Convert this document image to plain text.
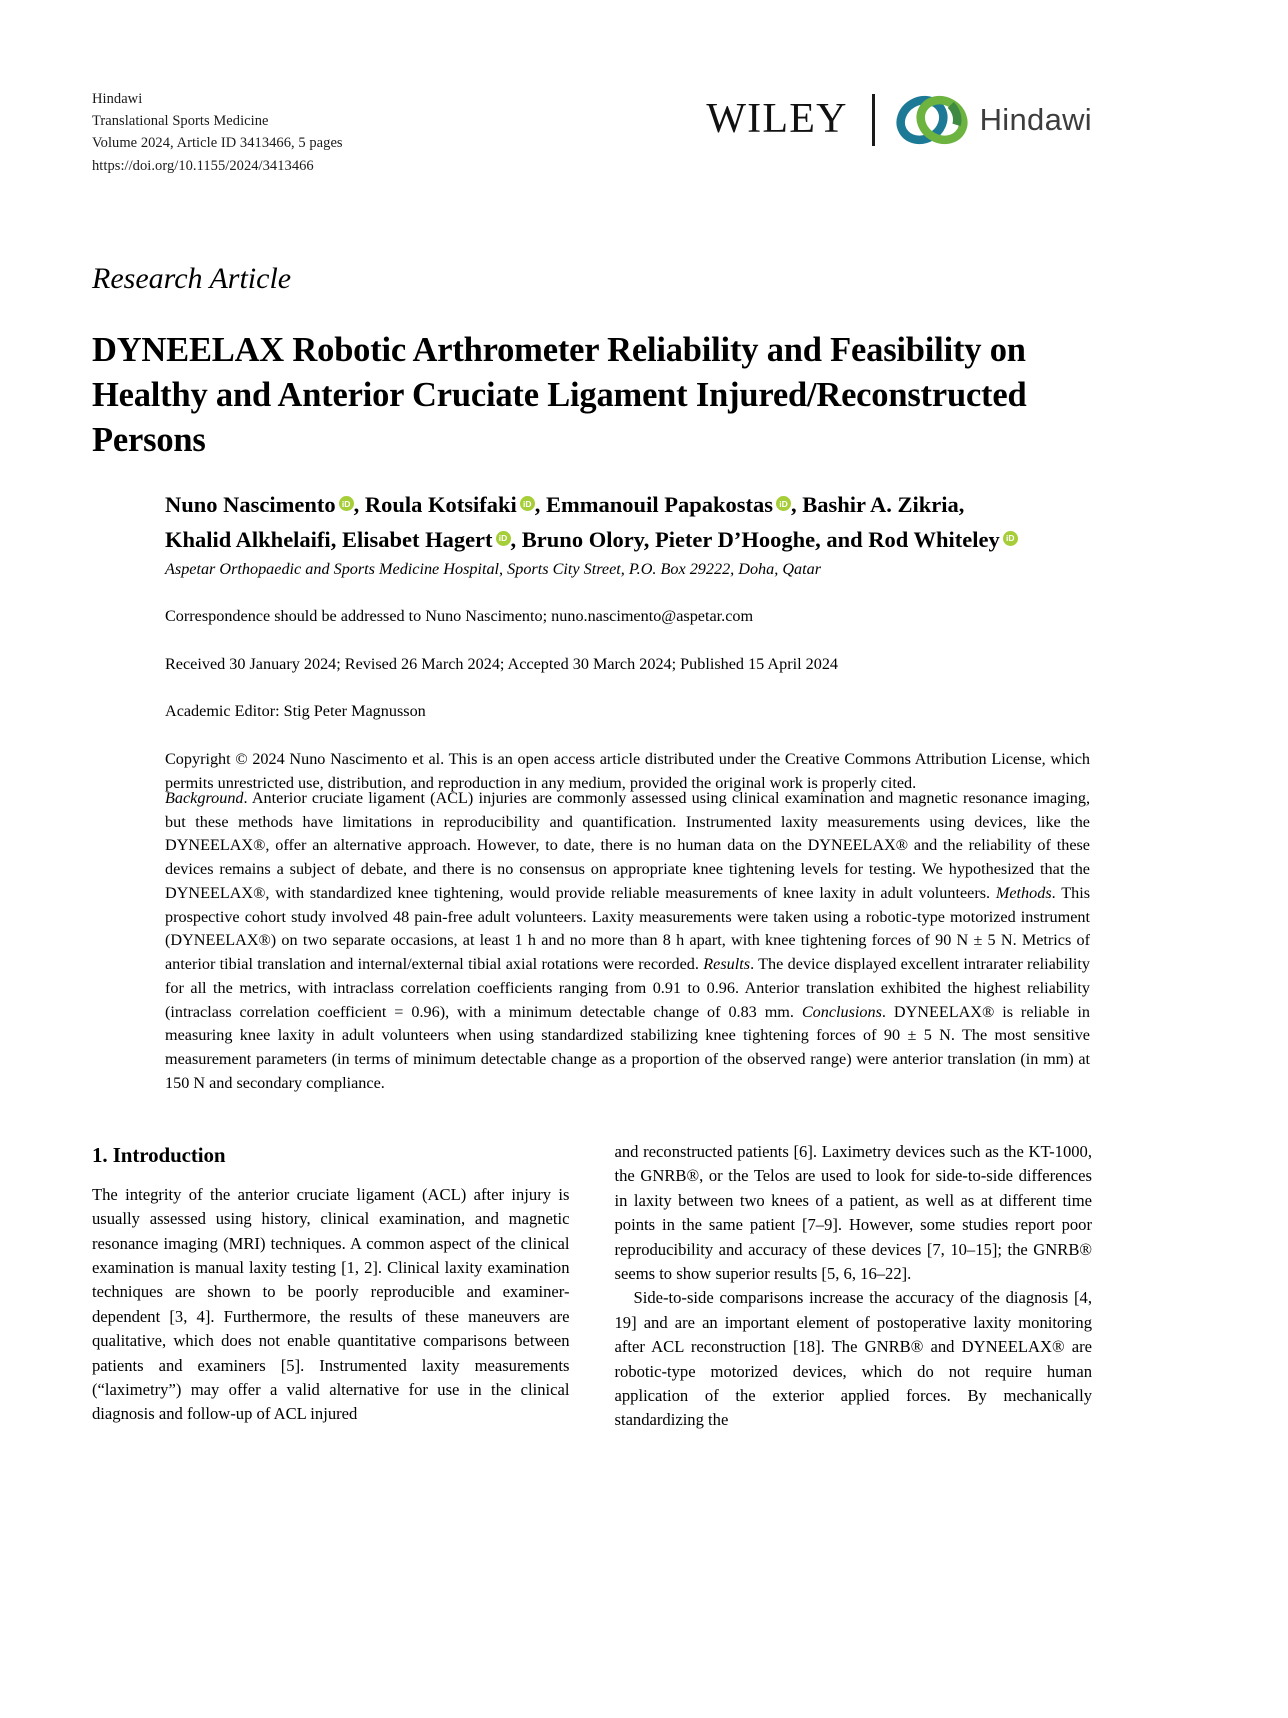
Hindawi
Translational Sports Medicine
Volume 2024, Article ID 3413466, 5 pages
https://doi.org/10.1155/2024/3413466
WILEY	Hindawi
Research Article
DYNEELAX Robotic Arthrometer Reliability and Feasibility on Healthy and Anterior Cruciate Ligament Injured/Reconstructed Persons
Nuno Nascimento iD , Roula Kotsifaki iD , Emmanouil Papakostas iD , Bashir A. Zikria,
Khalid Alkhelaifi, Elisabet Hagert iD , Bruno Olory, Pieter D’Hooghe, and Rod WhiteleyiD
Aspetar Orthopaedic and Sports Medicine Hospital, Sports City Street, P.O. Box 29222, Doha, Qatar
Correspondence should be addressed to Nuno Nascimento; nuno.nascimento@aspetar.com
Received 30 January 2024; Revised 26 March 2024; Accepted 30 March 2024; Published 15 April 2024
Academic Editor: Stig Peter Magnusson
Copyright © 2024 Nuno Nascimento et al. This is an open access article distributed under the Creative Commons Attribution License, which permits unrestricted use, distribution, and reproduction in any medium, provided the original work is properly cited.
Background. Anterior cruciate ligament (ACL) injuries are commonly assessed using clinical examination and magnetic resonance imaging, but these methods have limitations in reproducibility and quantification. Instrumented laxity measurements using devices, like the DYNEELAX®, offer an alternative approach. However, to date, there is no human data on the DYNEELAX® and the reliability of these devices remains a subject of debate, and there is no consensus on appropriate knee tightening levels for testing. We hypothesized that the DYNEELAX®, with standardized knee tightening, would provide reliable measurements of knee laxity in adult volunteers. Methods. This prospective cohort study involved 48 pain-free adult volunteers. Laxity measurements were taken using a robotic-type motorized instrument (DYNEELAX®) on two separate occasions, at least 1 h and no more than 8 h apart, with knee tightening forces of 90 N ± 5 N. Metrics of anterior tibial translation and internal/external tibial axial rotations were recorded. Results. The device displayed excellent intrarater reliability for all the metrics, with intraclass correlation coefficients ranging from 0.91 to 0.96. Anterior translation exhibited the highest reliability (intraclass correlation coefficient = 0.96), with a minimum detectable change of 0.83 mm. Conclusions. DYNEELAX® is reliable in measuring knee laxity in adult volunteers when using standardized stabilizing knee tightening forces of 90 ± 5 N. The most sensitive measurement parameters (in terms of minimum detectable change as a proportion of the observed range) were anterior translation (in mm) at 150 N and secondary compliance.
1. Introduction

The integrity of the anterior cruciate ligament (ACL) after injury is usually assessed using history, clinical examination, and magnetic resonance imaging (MRI) techniques. A common aspect of the clinical examination is manual laxity testing [1, 2]. Clinical laxity examination techniques are shown to be poorly reproducible and examiner-dependent [3, 4]. Furthermore, the results of these maneuvers are qualitative, which does not enable quantitative comparisons between patients and examiners [5]. Instrumented laxity measurements (“laximetry”) may offer a valid alternative for use in the clinical diagnosis and follow-up of ACL injured

and reconstructed patients [6]. Laximetry devices such as the KT-1000, the GNRB®, or the Telos are used to look for side-to-side differences in laxity between two knees of a patient, as well as at different time points in the same patient [7–9]. However, some studies report poor reproducibility and accuracy of these devices [7, 10–15]; the GNRB® seems to show superior results [5, 6, 16–22].

Side-to-side comparisons increase the accuracy of the diagnosis [4, 19] and are an important element of postoperative laxity monitoring after ACL reconstruction [18]. The GNRB® and DYNEELAX® are robotic-type motorized devices, which do not require human application of the exterior applied forces. By mechanically standardizing the
